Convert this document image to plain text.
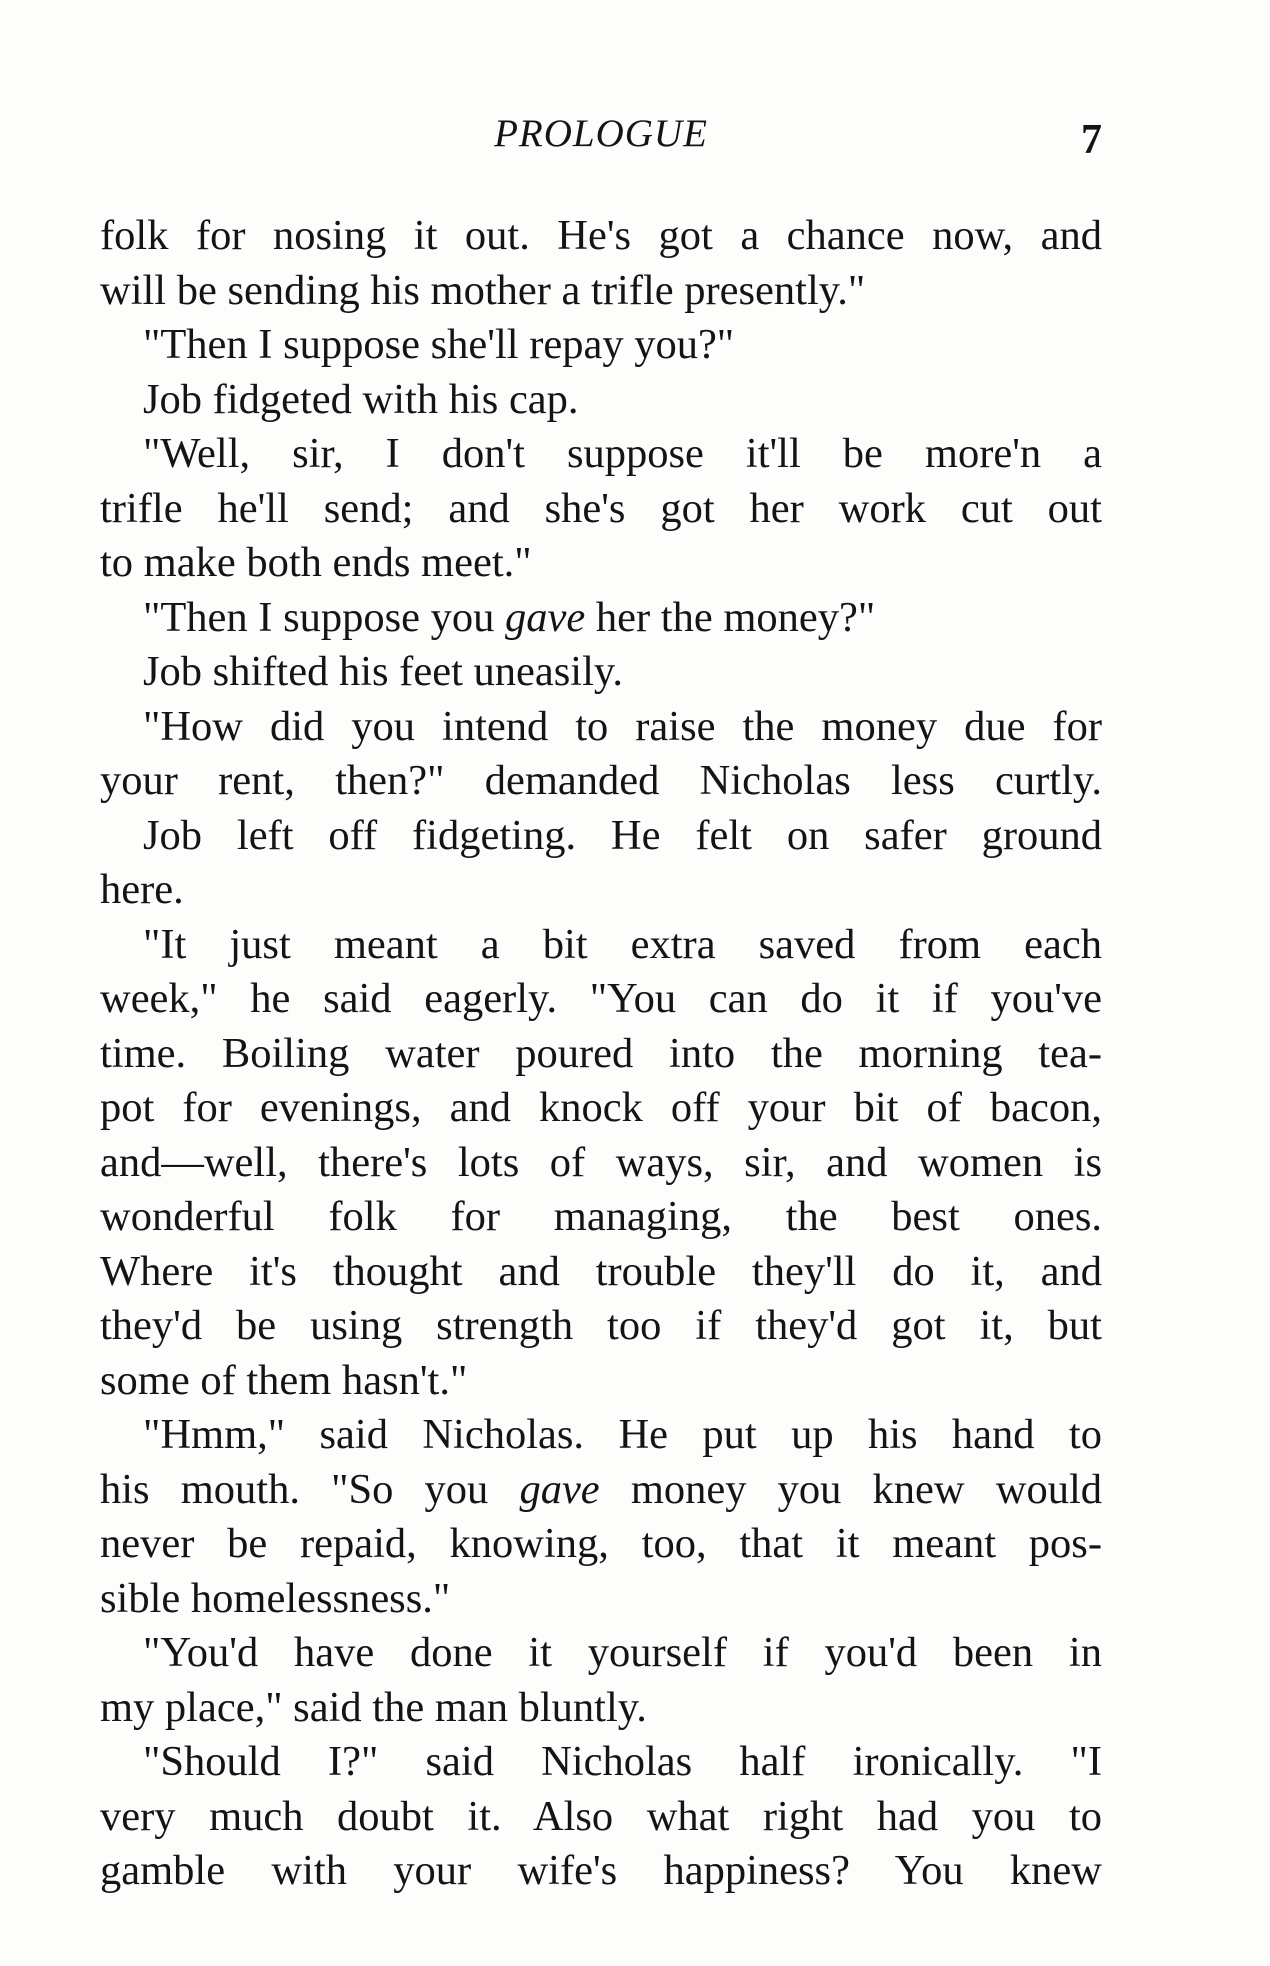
PROLOGUE	7
folk for nosing it out. He's got a chance now, and
will be sending his mother a trifle presently."
"Then I suppose she'll repay you?"
Job fidgeted with his cap.
"Well, sir, I don't suppose it'll be more'n a
trifle he'll send; and she's got her work cut out
to make both ends meet."
"Then I suppose you gave her the money?"
Job shifted his feet uneasily.
"How did you intend to raise the money due for
your rent, then?" demanded Nicholas less curtly.
Job left off fidgeting. He felt on safer ground
here.
"It just meant a bit extra saved from each
week," he said eagerly. "You can do it if you've
time. Boiling water poured into the morning tea-
pot for evenings, and knock off your bit of bacon,
and—well, there's lots of ways, sir, and women is
wonderful folk for managing, the best ones.
Where it's thought and trouble they'll do it, and
they'd be using strength too if they'd got it, but
some of them hasn't."
"Hmm," said Nicholas. He put up his hand to
his mouth. "So you gave money you knew would
never be repaid, knowing, too, that it meant pos-
sible homelessness."
"You'd have done it yourself if you'd been in
my place," said the man bluntly.
"Should I?" said Nicholas half ironically. "I
very much doubt it. Also what right had you to
gamble with your wife's happiness? You knew
